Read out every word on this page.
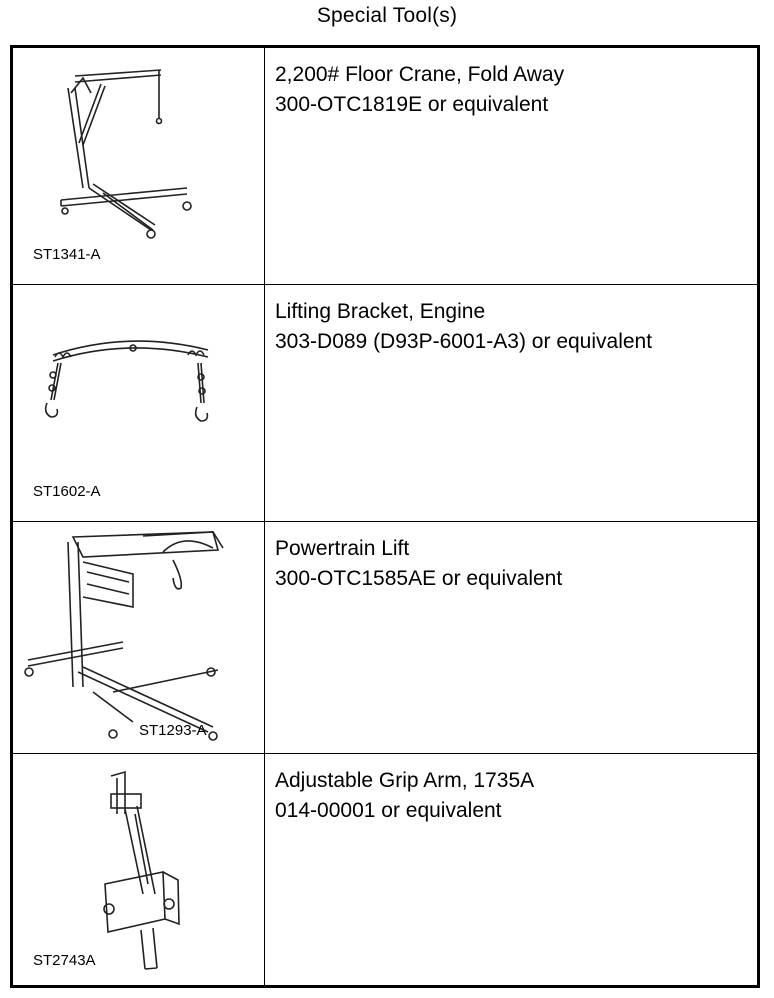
Special Tool(s)
ST1341-A
2,200# Floor Crane, Fold Away
300-OTC1819E or equivalent
ST1602-A
Lifting Bracket, Engine
303-D089 (D93P-6001-A3) or equivalent
ST1293-A
Powertrain Lift
300-OTC1585AE or equivalent
ST2743A
Adjustable Grip Arm, 1735A
014-00001 or equivalent
